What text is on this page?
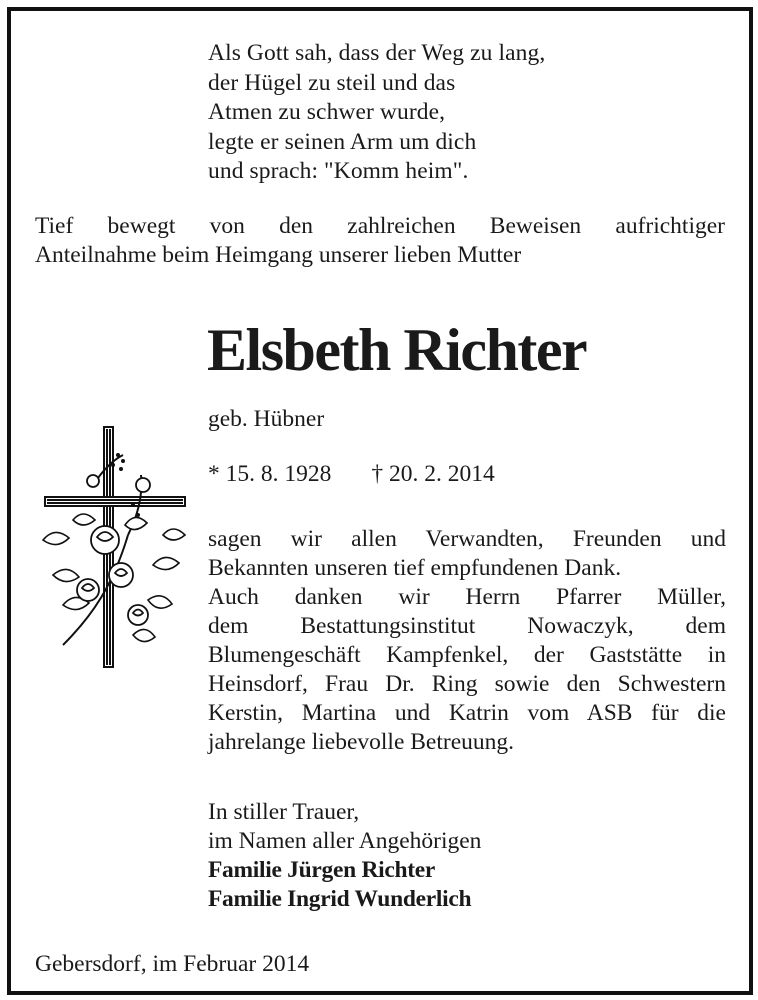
Als Gott sah, dass der Weg zu lang,
der Hügel zu steil und das
Atmen zu schwer wurde,
legte er seinen Arm um dich
und sprach: "Komm heim".
Tief bewegt von den zahlreichen Beweisen aufrichtiger
Anteilnahme beim Heimgang unserer lieben Mutter
Elsbeth Richter
geb. Hübner
* 15. 8. 1928 † 20. 2. 2014
sagen wir allen Verwandten, Freunden und
Bekannten unseren tief empfundenen Dank.
Auch danken wir Herrn Pfarrer Müller,
dem Bestattungsinstitut Nowaczyk, dem
Blumengeschäft Kampfenkel, der Gaststätte in
Heinsdorf, Frau Dr. Ring sowie den Schwestern
Kerstin, Martina und Katrin vom ASB für die
jahrelange liebevolle Betreuung.
In stiller Trauer,
im Namen aller Angehörigen
Familie Jürgen Richter
Familie Ingrid Wunderlich
Gebersdorf, im Februar 2014
